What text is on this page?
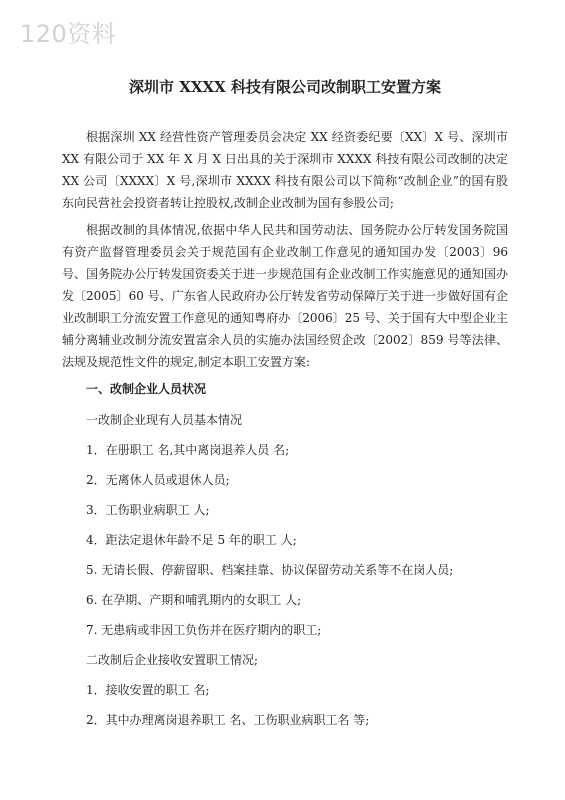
120资料
深圳市 XXXX 科技有限公司改制职工安置方案

根据深圳 XX 经营性资产管理委员会决定 XX 经资委纪要〔XX〕X 号、深圳市 XX 有限公司于 XX 年 X 月 X 日出具的关于深圳市 XXXX 科技有限公司改制的决定 XX 公司〔XXXX〕X 号,深圳市 XXXX 科技有限公司以下简称“改制企业”的国有股东向民营社会投资者转让控股权,改制企业改制为国有参股公司;

根据改制的具体情况,依据中华人民共和国劳动法、国务院办公厅转发国务院国有资产监督管理委员会关于规范国有企业改制工作意见的通知国办发〔2003〕96 号、国务院办公厅转发国资委关于进一步规范国有企业改制工作实施意见的通知国办发〔2005〕60 号、广东省人民政府办公厅转发省劳动保障厅关于进一步做好国有企业改制职工分流安置工作意见的通知粤府办〔2006〕25 号、关于国有大中型企业主辅分离辅业改制分流安置富余人员的实施办法国经贸企改〔2002〕859 号等法律、法规及规范性文件的规定,制定本职工安置方案:

一、改制企业人员状况
一改制企业现有人员基本情况
1．在册职工 名,其中离岗退养人员 名;
2．无离休人员或退休人员;
3．工伤职业病职工 人;
4．距法定退休年龄不足 5 年的职工 人;
5. 无请长假、停薪留职、档案挂靠、协议保留劳动关系等不在岗人员;
6. 在孕期、产期和哺乳期内的女职工 人;
7. 无患病或非因工负伤并在医疗期内的职工;
二改制后企业接收安置职工情况;
1．接收安置的职工 名;
2．其中办理离岗退养职工 名、工伤职业病职工名 等;
